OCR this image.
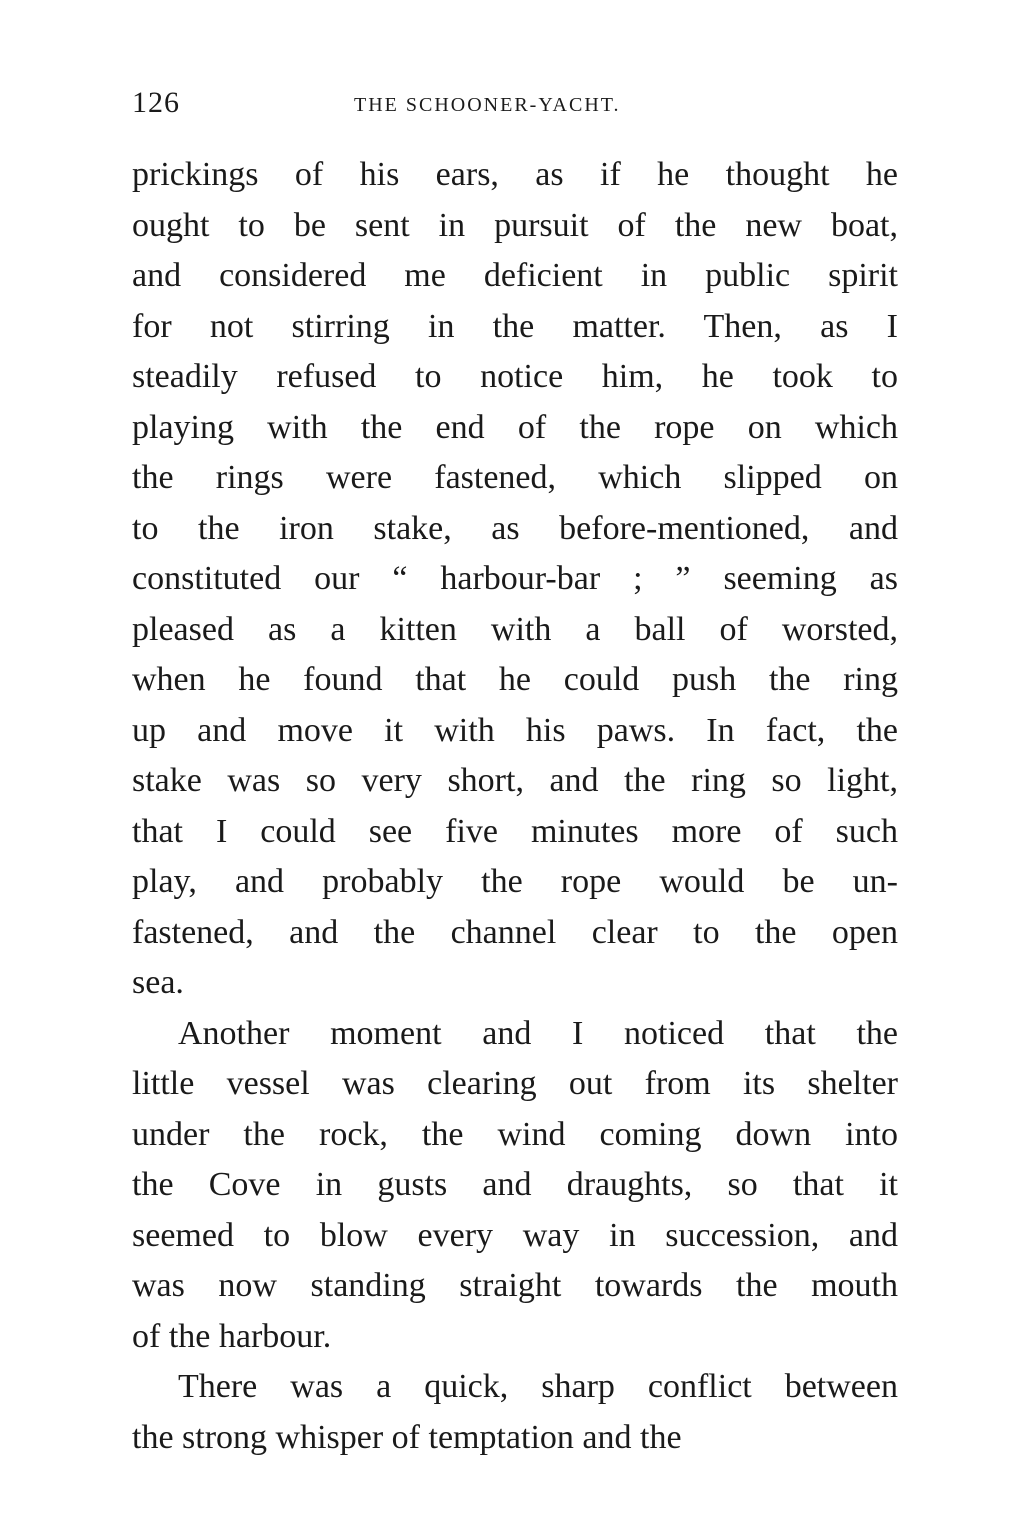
126	THE SCHOONER-YACHT.
prickings of his ears, as if he thought he
ought to be sent in pursuit of the new boat,
and considered me deficient in public spirit
for not stirring in the matter. Then, as I
steadily refused to notice him, he took to
playing with the end of the rope on which
the rings were fastened, which slipped on
to the iron stake, as before-mentioned, and
constituted our “ harbour-bar ; ” seeming as
pleased as a kitten with a ball of worsted,
when he found that he could push the ring
up and move it with his paws. In fact, the
stake was so very short, and the ring so light,
that I could see five minutes more of such
play, and probably the rope would be un-
fastened, and the channel clear to the open
sea.
Another moment and I noticed that the
little vessel was clearing out from its shelter
under the rock, the wind coming down into
the Cove in gusts and draughts, so that it
seemed to blow every way in succession, and
was now standing straight towards the mouth
of the harbour.
There was a quick, sharp conflict between
the strong whisper of temptation and the
